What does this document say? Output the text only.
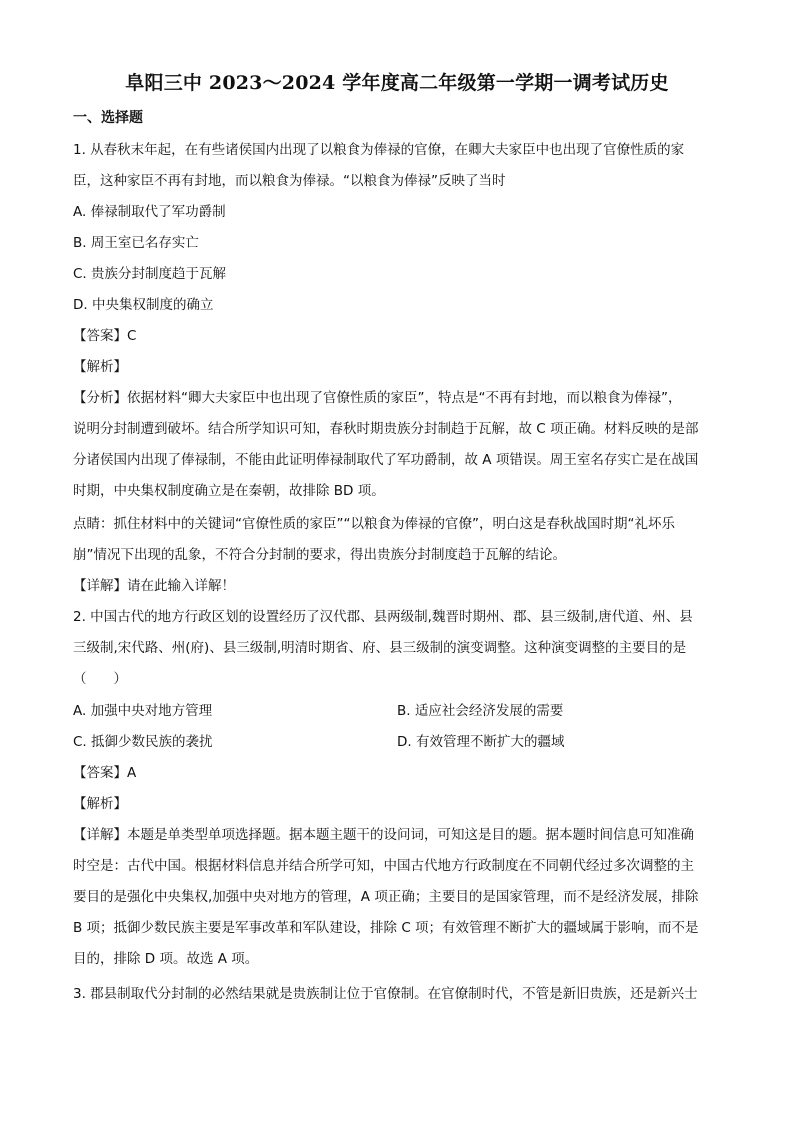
阜阳三中 2023～2024 学年度高二年级第一学期一调考试历史
一、选择题
1. 从春秋末年起，在有些诸侯国内出现了以粮食为俸禄的官僚，在卿大夫家臣中也出现了官僚性质的家
臣，这种家臣不再有封地，而以粮食为俸禄。“以粮食为俸禄”反映了当时
A. 俸禄制取代了军功爵制
B. 周王室已名存实亡
C. 贵族分封制度趋于瓦解
D. 中央集权制度的确立
【答案】C
【解析】
【分析】依据材料“卿大夫家臣中也出现了官僚性质的家臣”，特点是“不再有封地，而以粮食为俸禄”，
说明分封制遭到破坏。结合所学知识可知，春秋时期贵族分封制趋于瓦解，故 C 项正确。材料反映的是部
分诸侯国内出现了俸禄制，不能由此证明俸禄制取代了军功爵制，故 A 项错误。周王室名存实亡是在战国
时期，中央集权制度确立是在秦朝，故排除 BD 项。
点睛：抓住材料中的关键词“官僚性质的家臣”“以粮食为俸禄的官僚”，明白这是春秋战国时期“礼坏乐
崩”情况下出现的乱象，不符合分封制的要求，得出贵族分封制度趋于瓦解的结论。
【详解】请在此输入详解！
2. 中国古代的地方行政区划的设置经历了汉代郡、县两级制,魏晋时期州、郡、县三级制,唐代道、州、县
三级制,宋代路、州(府)、县三级制,明清时期省、府、县三级制的演变调整。这种演变调整的主要目的是
（　　）
A. 加强中央对地方管理	B. 适应社会经济发展的需要
C. 抵御少数民族的袭扰	D. 有效管理不断扩大的疆域
【答案】A
【解析】
【详解】本题是单类型单项选择题。据本题主题干的设问词，可知这是目的题。据本题时间信息可知准确
时空是：古代中国。根据材料信息并结合所学可知，中国古代地方行政制度在不同朝代经过多次调整的主
要目的是强化中央集权,加强中央对地方的管理，A 项正确；主要目的是国家管理，而不是经济发展，排除
B 项；抵御少数民族主要是军事改革和军队建设，排除 C 项；有效管理不断扩大的疆域属于影响，而不是
目的，排除 D 项。故选 A 项。
3. 郡县制取代分封制的必然结果就是贵族制让位于官僚制。在官僚制时代，不管是新旧贵族，还是新兴士
